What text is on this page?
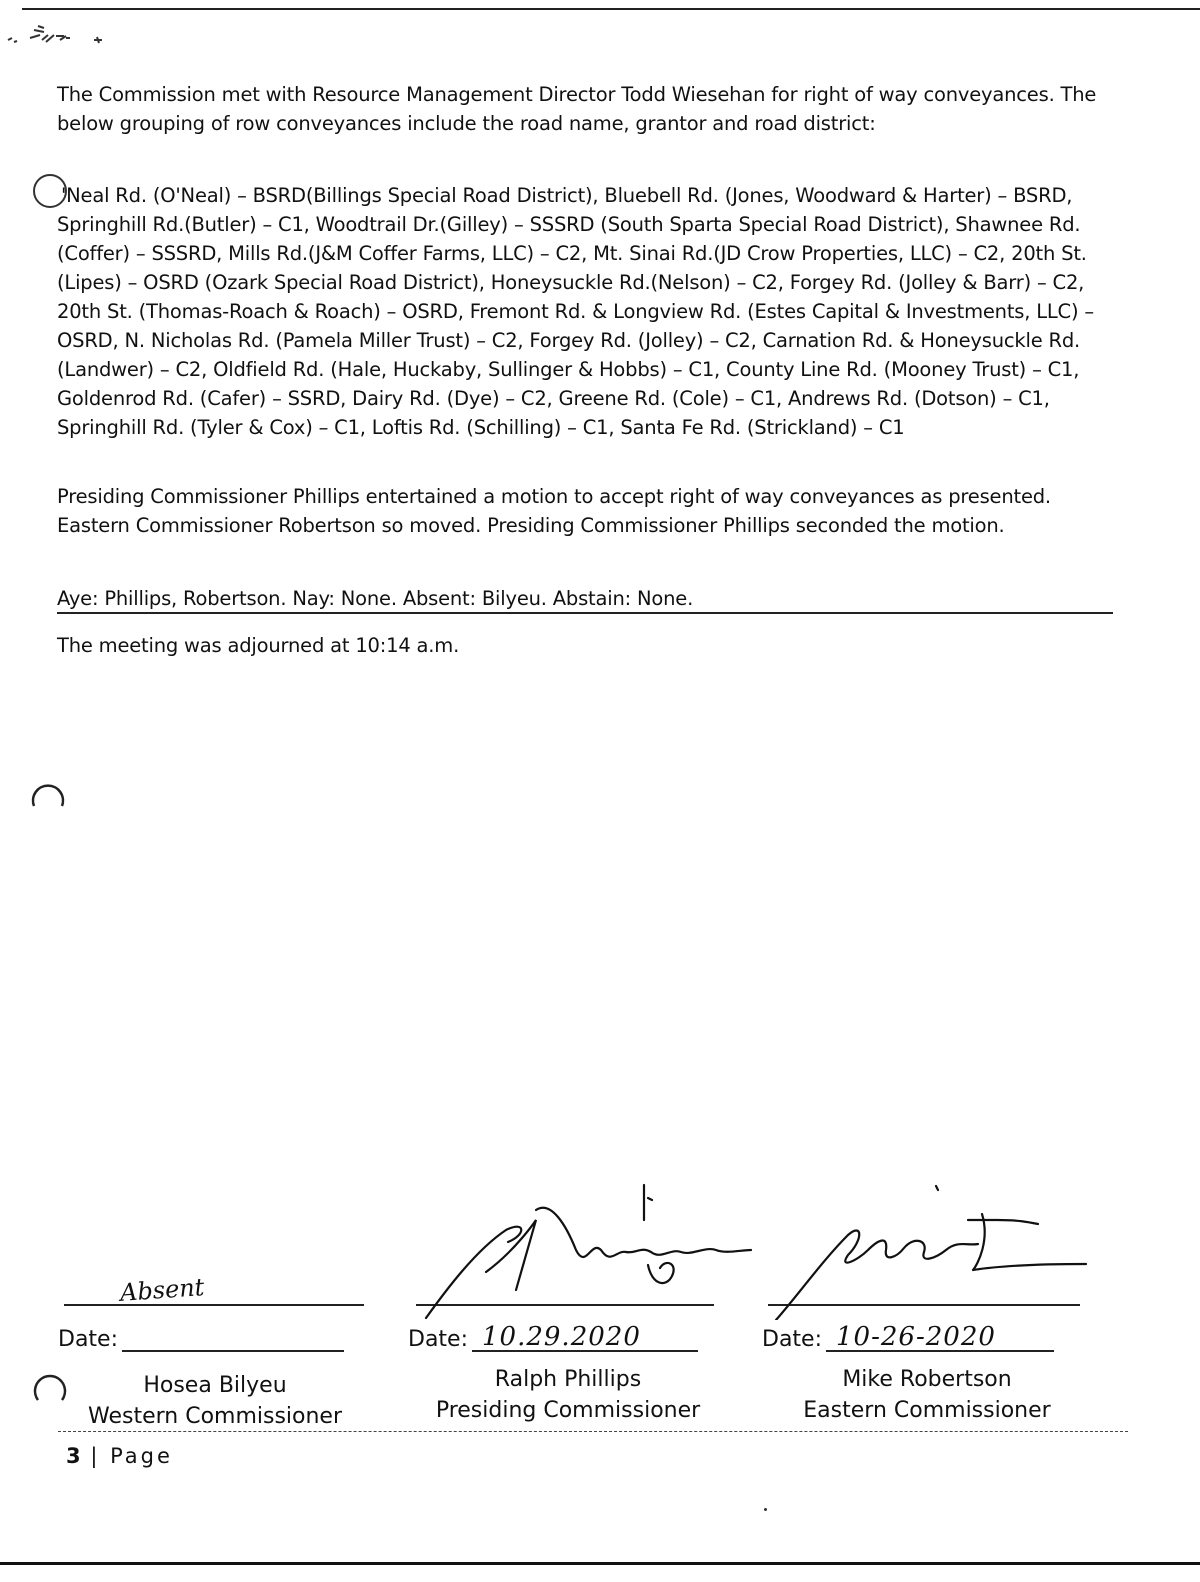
The Commission met with Resource Management Director Todd Wiesehan for right of way conveyances. The below grouping of row conveyances include the road name, grantor and road district:
'Neal Rd. (O'Neal) – BSRD(Billings Special Road District), Bluebell Rd. (Jones, Woodward & Harter) – BSRD, Springhill Rd.(Butler) – C1, Woodtrail Dr.(Gilley) – SSSRD (South Sparta Special Road District), Shawnee Rd.(Coffer) – SSSRD, Mills Rd.(J&M Coffer Farms, LLC) – C2, Mt. Sinai Rd.(JD Crow Properties, LLC) – C2, 20th St.(Lipes) – OSRD (Ozark Special Road District), Honeysuckle Rd.(Nelson) – C2, Forgey Rd. (Jolley & Barr) – C2, 20th St. (Thomas-Roach & Roach) – OSRD, Fremont Rd. & Longview Rd. (Estes Capital & Investments, LLC) – OSRD, N. Nicholas Rd. (Pamela Miller Trust) – C2, Forgey Rd. (Jolley) – C2, Carnation Rd. & Honeysuckle Rd. (Landwer) – C2, Oldfield Rd. (Hale, Huckaby, Sullinger & Hobbs) – C1, County Line Rd. (Mooney Trust) – C1, Goldenrod Rd. (Cafer) – SSRD, Dairy Rd. (Dye) – C2, Greene Rd. (Cole) – C1, Andrews Rd. (Dotson) – C1, Springhill Rd. (Tyler & Cox) – C1, Loftis Rd. (Schilling) – C1, Santa Fe Rd. (Strickland) – C1
Presiding Commissioner Phillips entertained a motion to accept right of way conveyances as presented. Eastern Commissioner Robertson so moved. Presiding Commissioner Phillips seconded the motion.
Aye: Phillips, Robertson. Nay: None. Absent: Bilyeu. Abstain: None.
The meeting was adjourned at 10:14 a.m.
Absent
Date:
Hosea Bilyeu
Western Commissioner
Date: 10.29.2020
Ralph Phillips
Presiding Commissioner
Date: 10-26-2020
Mike Robertson
Eastern Commissioner
3 | Page
